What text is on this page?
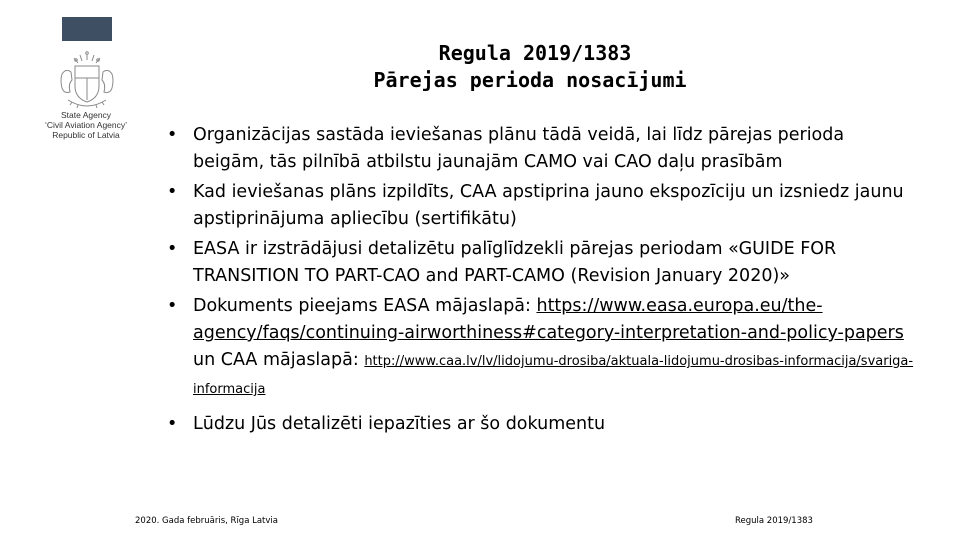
State Agency
‘Civil Aviation Agency’
Republic of Latvia
Regula 2019/1383
Pārejas perioda nosacījumi

• Organizācijas sastāda ieviešanas plānu tādā veidā, lai līdz pārejas perioda beigām, tās pilnībā atbilstu jaunajām CAMO vai CAO daļu prasībām

• Kad ieviešanas plāns izpildīts, CAA apstiprina jauno ekspozīciju un izsniedz jaunu apstiprinājuma apliecību (sertifikātu)

• EASA ir izstrādājusi detalizētu palīglīdzekli pārejas periodam «GUIDE FOR TRANSITION TO PART-CAO and PART-CAMO (Revision January 2020)»

• Dokuments pieejams EASA mājaslapā: https://www.easa.europa.eu/the-agency/faqs/continuing-airworthiness#category-interpretation-and-policy-papers un CAA mājaslapā: http://www.caa.lv/lv/lidojumu-drosiba/aktuala-lidojumu-drosibas-informacija/svariga-informacija

• Lūdzu Jūs detalizēti iepazīties ar šo dokumentu

2020. Gada februāris, Rīga Latvia	Regula 2019/1383
